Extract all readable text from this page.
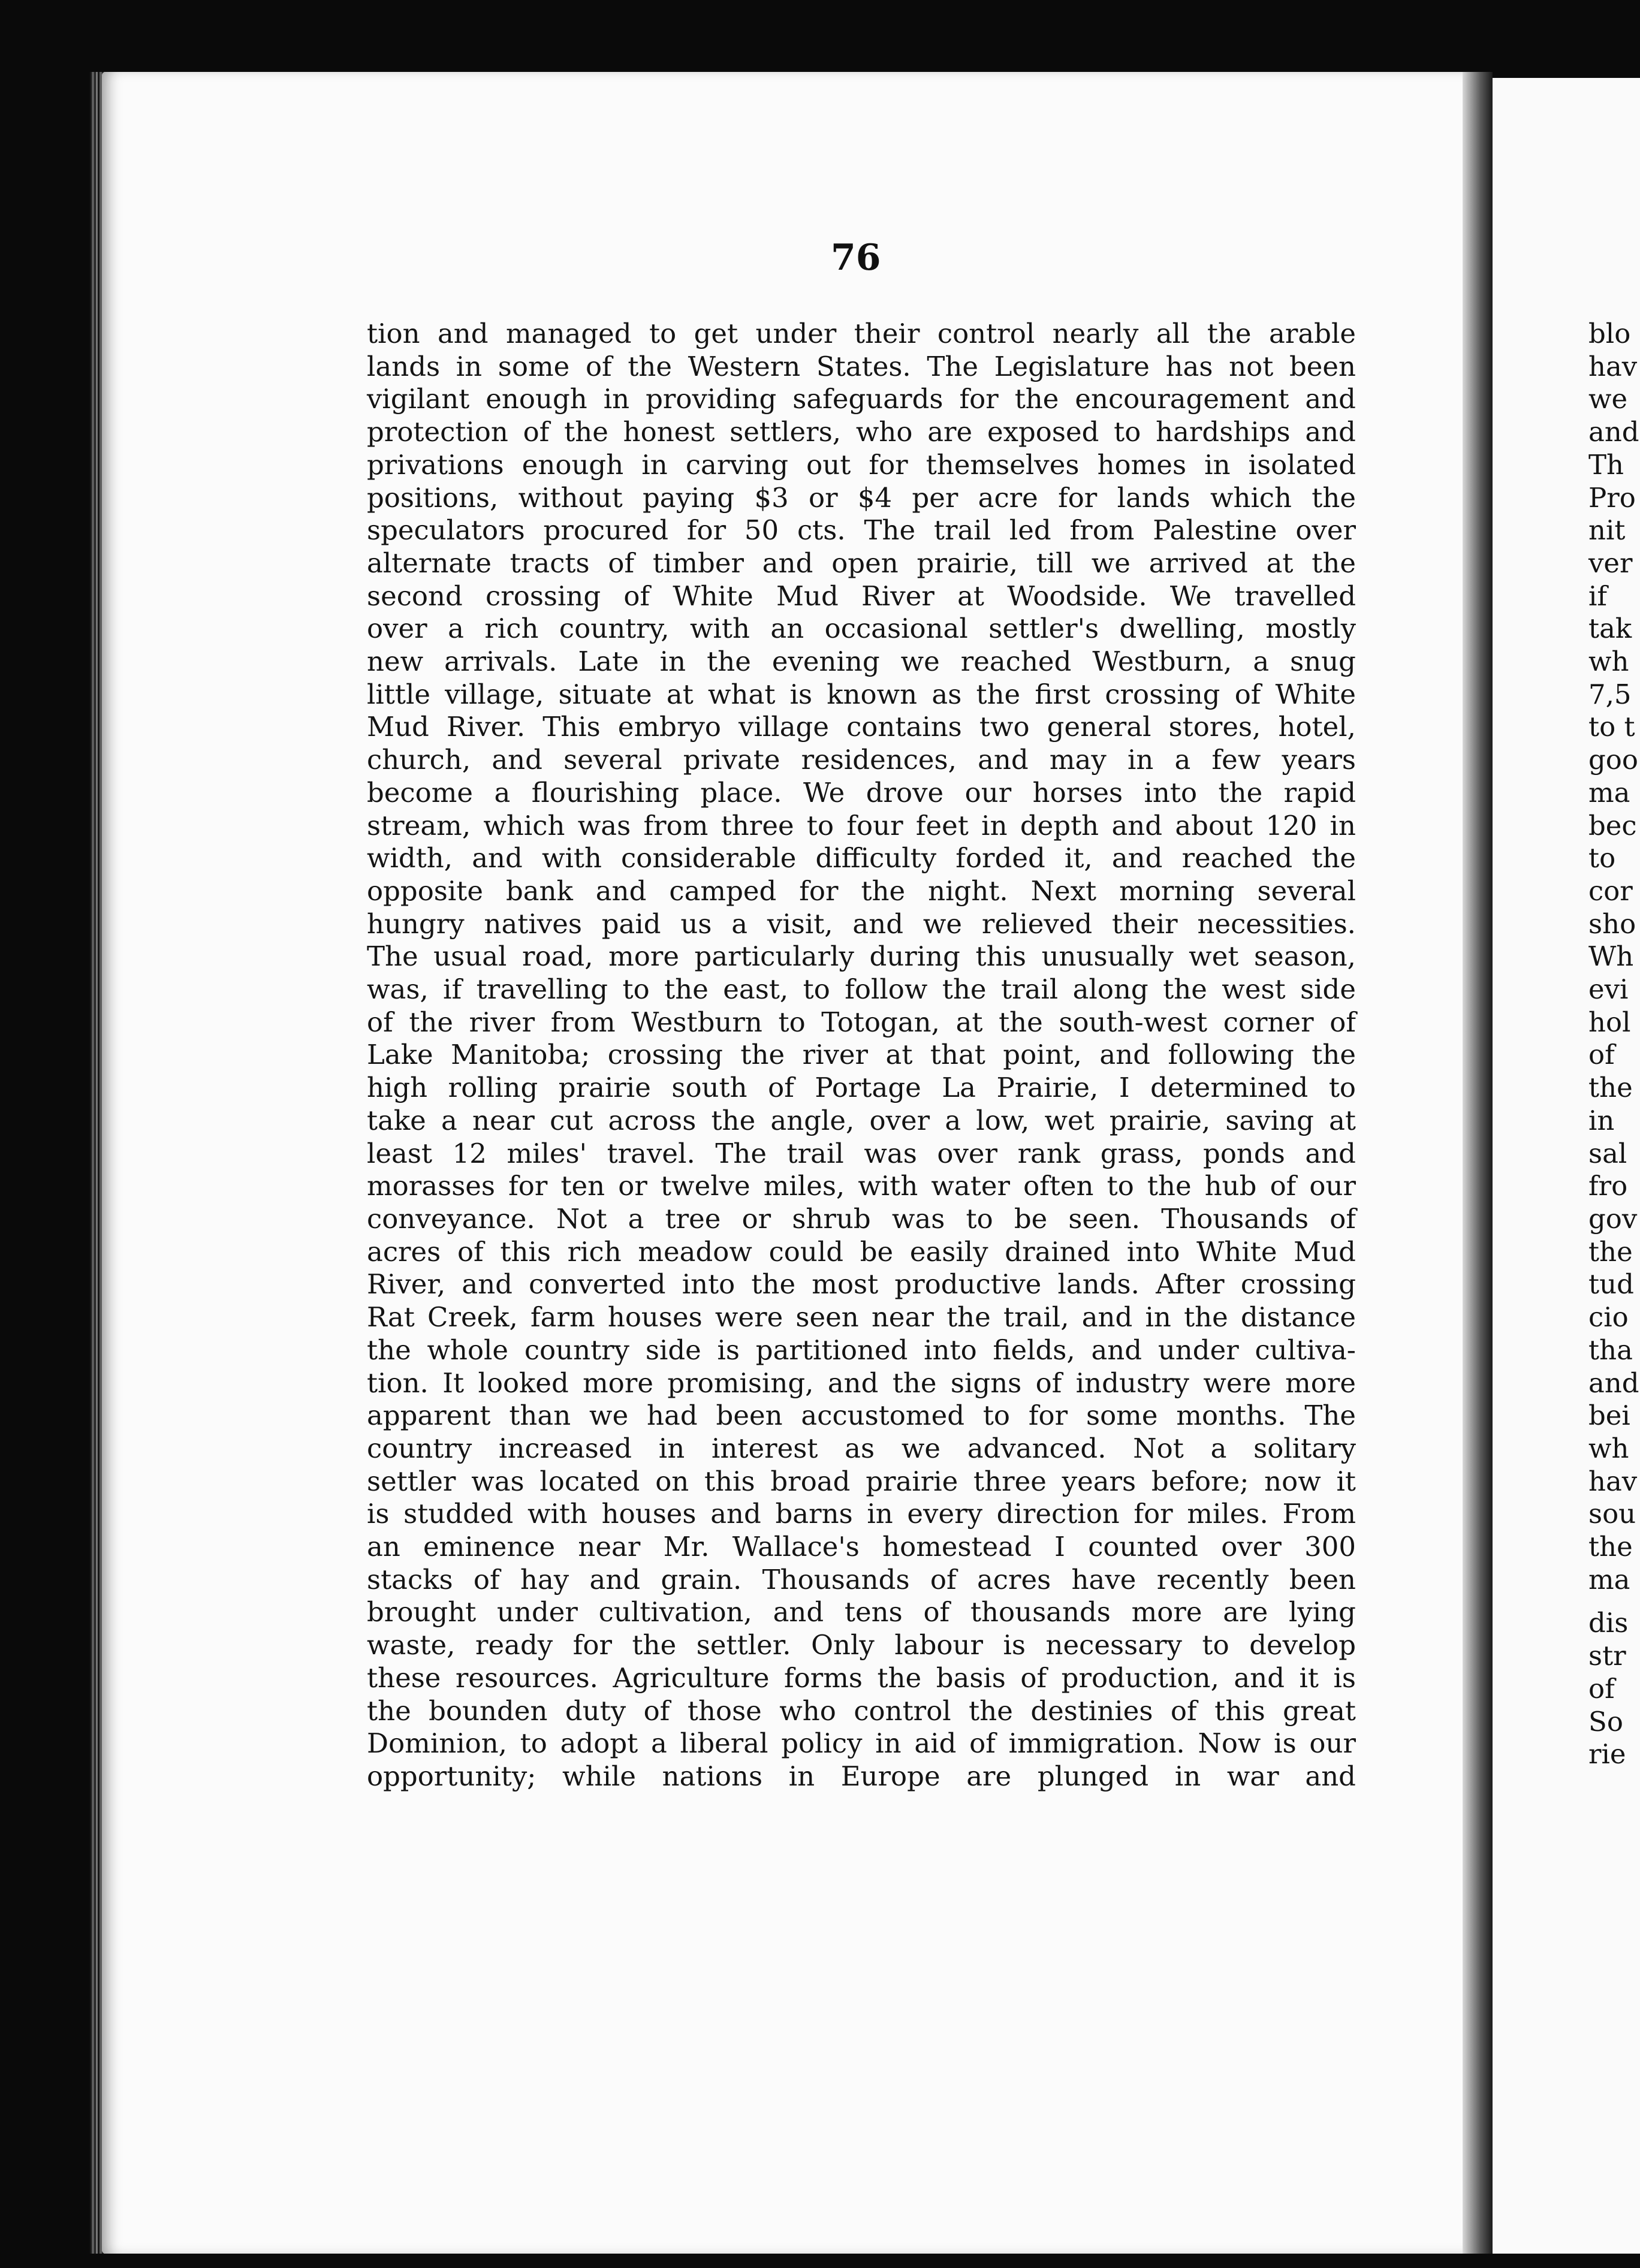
76
tion and managed to get under their control nearly all the arable
lands in some of the Western States. The Legislature has not been
vigilant enough in providing safeguards for the encouragement and
protection of the honest settlers, who are exposed to hardships and
privations enough in carving out for themselves homes in isolated
positions, without paying $3 or $4 per acre for lands which the
speculators procured for 50 cts. The trail led from Palestine over
alternate tracts of timber and open prairie, till we arrived at the
second crossing of White Mud River at Woodside. We travelled
over a rich country, with an occasional settler's dwelling, mostly
new arrivals. Late in the evening we reached Westburn, a snug
little village, situate at what is known as the first crossing of White
Mud River. This embryo village contains two general stores, hotel,
church, and several private residences, and may in a few years
become a flourishing place. We drove our horses into the rapid
stream, which was from three to four feet in depth and about 120 in
width, and with considerable difficulty forded it, and reached the
opposite bank and camped for the night. Next morning several
hungry natives paid us a visit, and we relieved their necessities.
The usual road, more particularly during this unusually wet season,
was, if travelling to the east, to follow the trail along the west side
of the river from Westburn to Totogan, at the south-west corner of
Lake Manitoba; crossing the river at that point, and following the
high rolling prairie south of Portage La Prairie, I determined to
take a near cut across the angle, over a low, wet prairie, saving at
least 12 miles' travel. The trail was over rank grass, ponds and
morasses for ten or twelve miles, with water often to the hub of our
conveyance. Not a tree or shrub was to be seen. Thousands of
acres of this rich meadow could be easily drained into White Mud
River, and converted into the most productive lands. After crossing
Rat Creek, farm houses were seen near the trail, and in the distance
the whole country side is partitioned into fields, and under cultiva-
tion. It looked more promising, and the signs of industry were more
apparent than we had been accustomed to for some months. The
country increased in interest as we advanced. Not a solitary
settler was located on this broad prairie three years before; now it
is studded with houses and barns in every direction for miles. From
an eminence near Mr. Wallace's homestead I counted over 300
stacks of hay and grain. Thousands of acres have recently been
brought under cultivation, and tens of thousands more are lying
waste, ready for the settler. Only labour is necessary to develop
these resources. Agriculture forms the basis of production, and it is
the bounden duty of those who control the destinies of this great
Dominion, to adopt a liberal policy in aid of immigration. Now is our
opportunity; while nations in Europe are plunged in war and
blo
hav
we
and
Th
Pro
nit
ver
if
tak
wh
7,5
to t
goo
ma
bec
to
cor
sho
Wh
evi
hol
of
the
in
sal
fro
gov
the
tud
cio
tha
and
bei
wh
hav
sou
the
ma
dis
str
of
So
rie
